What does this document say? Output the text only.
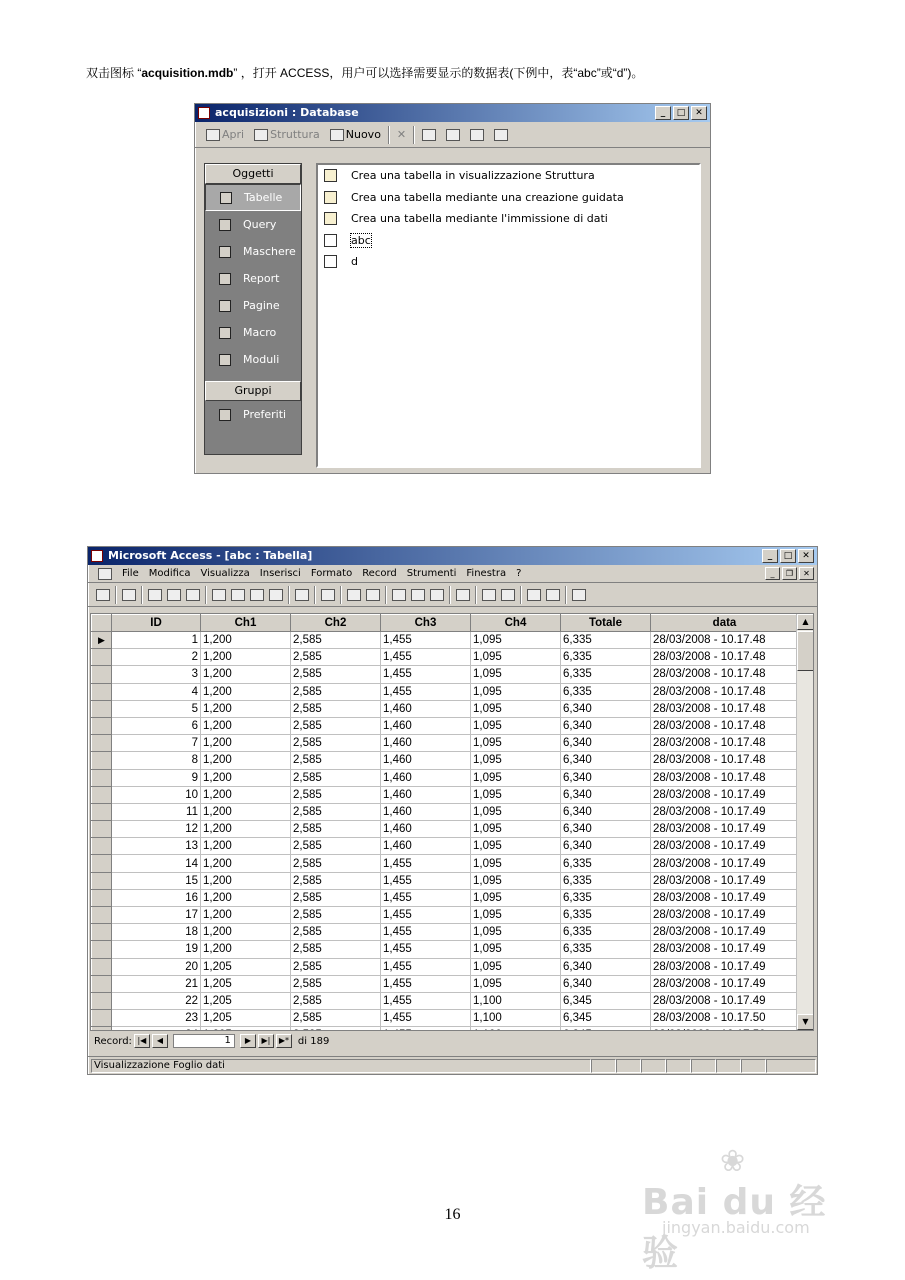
双击图标 “acquisition.mdb” ，打开 ACCESS，用户可以选择需要显示的数据表(下例中，表“abc”或“d”)。
acquisizioni : Database	_	□	✕
Apri Struttura Nuovo ✕
Oggetti
Tabelle
Query
Maschere
Report
Pagine
Macro
Moduli
Gruppi
Preferiti
Crea una tabella in visualizzazione Struttura
Crea una tabella mediante una creazione guidata
Crea una tabella mediante l'immissione di dati
abc
d
Microsoft Access - [abc : Tabella]	_	□	✕
File Modifica Visualizza Inserisci Formato Record Strumenti Finestra ?	_	❐	✕
	ID	Ch1	Ch2	Ch3	Ch4	Totale	data
▶	1	1,200	2,585	1,455	1,095	6,335	28/03/2008 - 10.17.48
	2	1,200	2,585	1,455	1,095	6,335	28/03/2008 - 10.17.48
	3	1,200	2,585	1,455	1,095	6,335	28/03/2008 - 10.17.48
	4	1,200	2,585	1,455	1,095	6,335	28/03/2008 - 10.17.48
	5	1,200	2,585	1,460	1,095	6,340	28/03/2008 - 10.17.48
	6	1,200	2,585	1,460	1,095	6,340	28/03/2008 - 10.17.48
	7	1,200	2,585	1,460	1,095	6,340	28/03/2008 - 10.17.48
	8	1,200	2,585	1,460	1,095	6,340	28/03/2008 - 10.17.48
	9	1,200	2,585	1,460	1,095	6,340	28/03/2008 - 10.17.48
	10	1,200	2,585	1,460	1,095	6,340	28/03/2008 - 10.17.49
	11	1,200	2,585	1,460	1,095	6,340	28/03/2008 - 10.17.49
	12	1,200	2,585	1,460	1,095	6,340	28/03/2008 - 10.17.49
	13	1,200	2,585	1,460	1,095	6,340	28/03/2008 - 10.17.49
	14	1,200	2,585	1,455	1,095	6,335	28/03/2008 - 10.17.49
	15	1,200	2,585	1,455	1,095	6,335	28/03/2008 - 10.17.49
	16	1,200	2,585	1,455	1,095	6,335	28/03/2008 - 10.17.49
	17	1,200	2,585	1,455	1,095	6,335	28/03/2008 - 10.17.49
	18	1,200	2,585	1,455	1,095	6,335	28/03/2008 - 10.17.49
	19	1,200	2,585	1,455	1,095	6,335	28/03/2008 - 10.17.49
	20	1,205	2,585	1,455	1,095	6,340	28/03/2008 - 10.17.49
	21	1,205	2,585	1,455	1,095	6,340	28/03/2008 - 10.17.49
	22	1,205	2,585	1,455	1,100	6,345	28/03/2008 - 10.17.49
	23	1,205	2,585	1,455	1,100	6,345	28/03/2008 - 10.17.50

▲
▼
Record: |◀	◀	1	▶	▶|	▶* di 189
Visualizzazione Foglio dati
16
❀
Bai du 经验
jingyan.baidu.com
